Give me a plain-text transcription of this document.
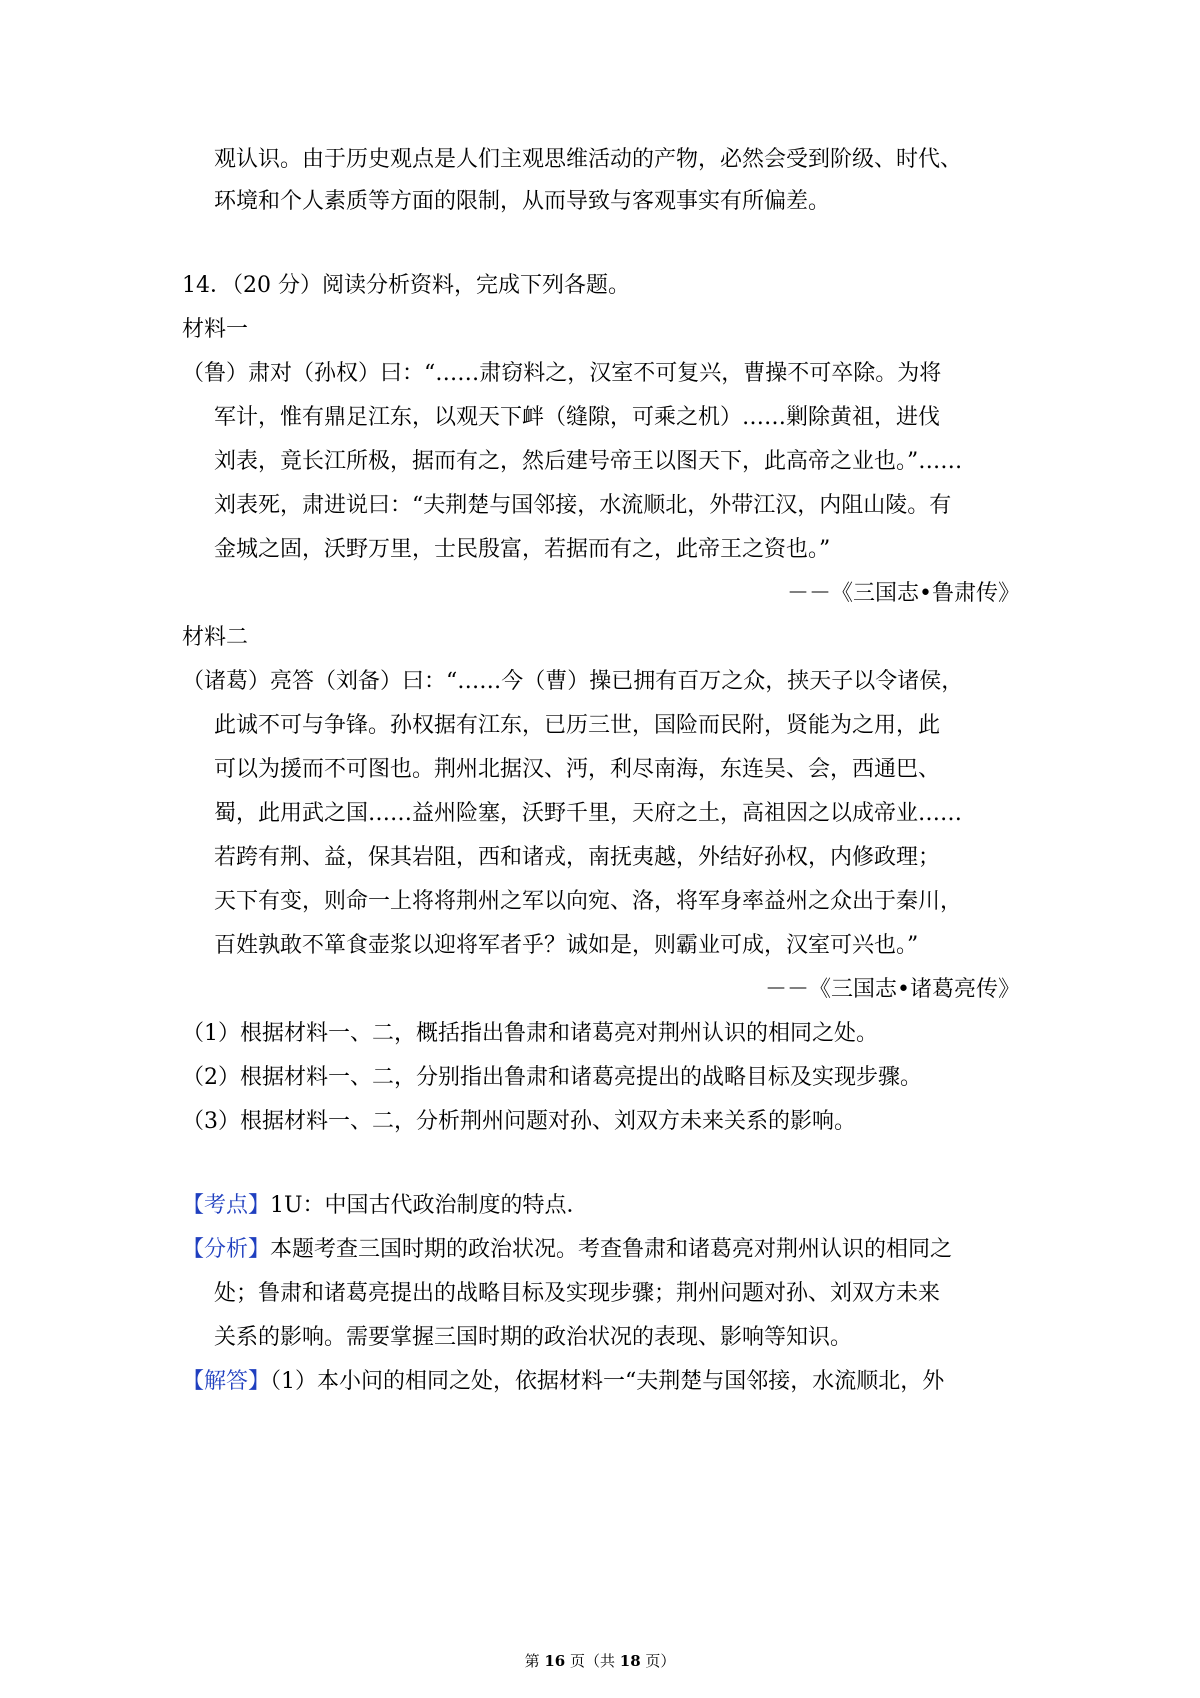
观认识。由于历史观点是人们主观思维活动的产物，必然会受到阶级、时代、
环境和个人素质等方面的限制，从而导致与客观事实有所偏差。
14．（20 分）阅读分析资料，完成下列各题。
材料一
（鲁）肃对（孙权）曰：“……肃窃料之，汉室不可复兴，曹操不可卒除。为将
军计，惟有鼎足江东，以观天下衅（缝隙，可乘之机）……剿除黄祖，进伐
刘表，竟长江所极，据而有之，然后建号帝王以图天下，此高帝之业也。”……
刘表死，肃进说曰：“夫荆楚与国邻接，水流顺北，外带江汉，内阻山陵。有
金城之固，沃野万里，士民殷富，若据而有之，此帝王之资也。”
－－《三国志•鲁肃传》
材料二
（诸葛）亮答（刘备）曰：“……今（曹）操已拥有百万之众，挟天子以令诸侯，
此诚不可与争锋。孙权据有江东，已历三世，国险而民附，贤能为之用，此
可以为援而不可图也。荆州北据汉、沔，利尽南海，东连吴、会，西通巴、
蜀，此用武之国……益州险塞，沃野千里，天府之土，高祖因之以成帝业……
若跨有荆、益，保其岩阻，西和诸戎，南抚夷越，外结好孙权，内修政理；
天下有变，则命一上将将荆州之军以向宛、洛，将军身率益州之众出于秦川，
百姓孰敢不箪食壶浆以迎将军者乎？诚如是，则霸业可成，汉室可兴也。”
－－《三国志•诸葛亮传》
（1）根据材料一、二，概括指出鲁肃和诸葛亮对荆州认识的相同之处。
（2）根据材料一、二，分别指出鲁肃和诸葛亮提出的战略目标及实现步骤。
（3）根据材料一、二，分析荆州问题对孙、刘双方未来关系的影响。
【考点】1U：中国古代政治制度的特点．
【分析】本题考查三国时期的政治状况。考查鲁肃和诸葛亮对荆州认识的相同之
处；鲁肃和诸葛亮提出的战略目标及实现步骤；荆州问题对孙、刘双方未来
关系的影响。需要掌握三国时期的政治状况的表现、影响等知识。
【解答】（1）本小问的相同之处，依据材料一“夫荆楚与国邻接，水流顺北，外
第 16 页（共 18 页）
